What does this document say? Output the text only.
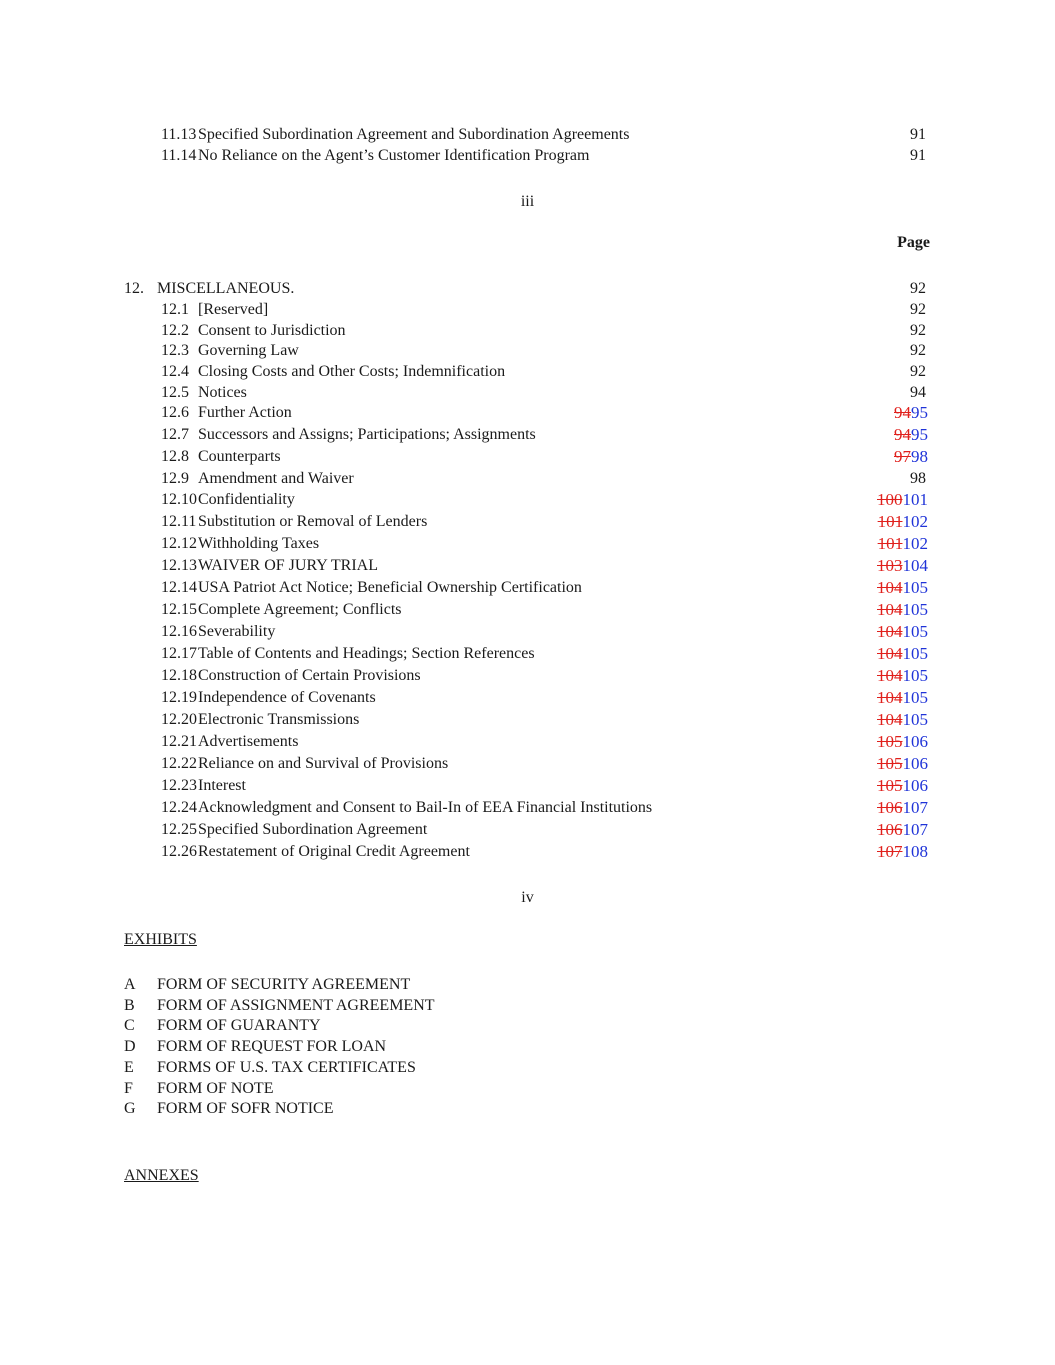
11.13 Specified Subordination Agreement and Subordination Agreements	91
11.14 No Reliance on the Agent’s Customer Identification Program	91
iii
Page
12. MISCELLANEOUS.	92
12.1 [Reserved]	92
12.2 Consent to Jurisdiction	92
12.3 Governing Law	92
12.4 Closing Costs and Other Costs; Indemnification	92
12.5 Notices	94
12.6 Further Action	9495
12.7 Successors and Assigns; Participations; Assignments	9495
12.8 Counterparts	9798
12.9 Amendment and Waiver	98
12.10 Confidentiality	100101
12.11 Substitution or Removal of Lenders	101102
12.12 Withholding Taxes	101102
12.13 WAIVER OF JURY TRIAL	103104
12.14 USA Patriot Act Notice; Beneficial Ownership Certification	104105
12.15 Complete Agreement; Conflicts	104105
12.16 Severability	104105
12.17 Table of Contents and Headings; Section References	104105
12.18 Construction of Certain Provisions	104105
12.19 Independence of Covenants	104105
12.20 Electronic Transmissions	104105
12.21 Advertisements	105106
12.22 Reliance on and Survival of Provisions	105106
12.23 Interest	105106
12.24 Acknowledgment and Consent to Bail-In of EEA Financial Institutions	106107
12.25 Specified Subordination Agreement	106107
12.26 Restatement of Original Credit Agreement	107108
iv
EXHIBITS
A FORM OF SECURITY AGREEMENT
B FORM OF ASSIGNMENT AGREEMENT
C FORM OF GUARANTY
D FORM OF REQUEST FOR LOAN
E FORMS OF U.S. TAX CERTIFICATES
F FORM OF NOTE
G FORM OF SOFR NOTICE
ANNEXES
